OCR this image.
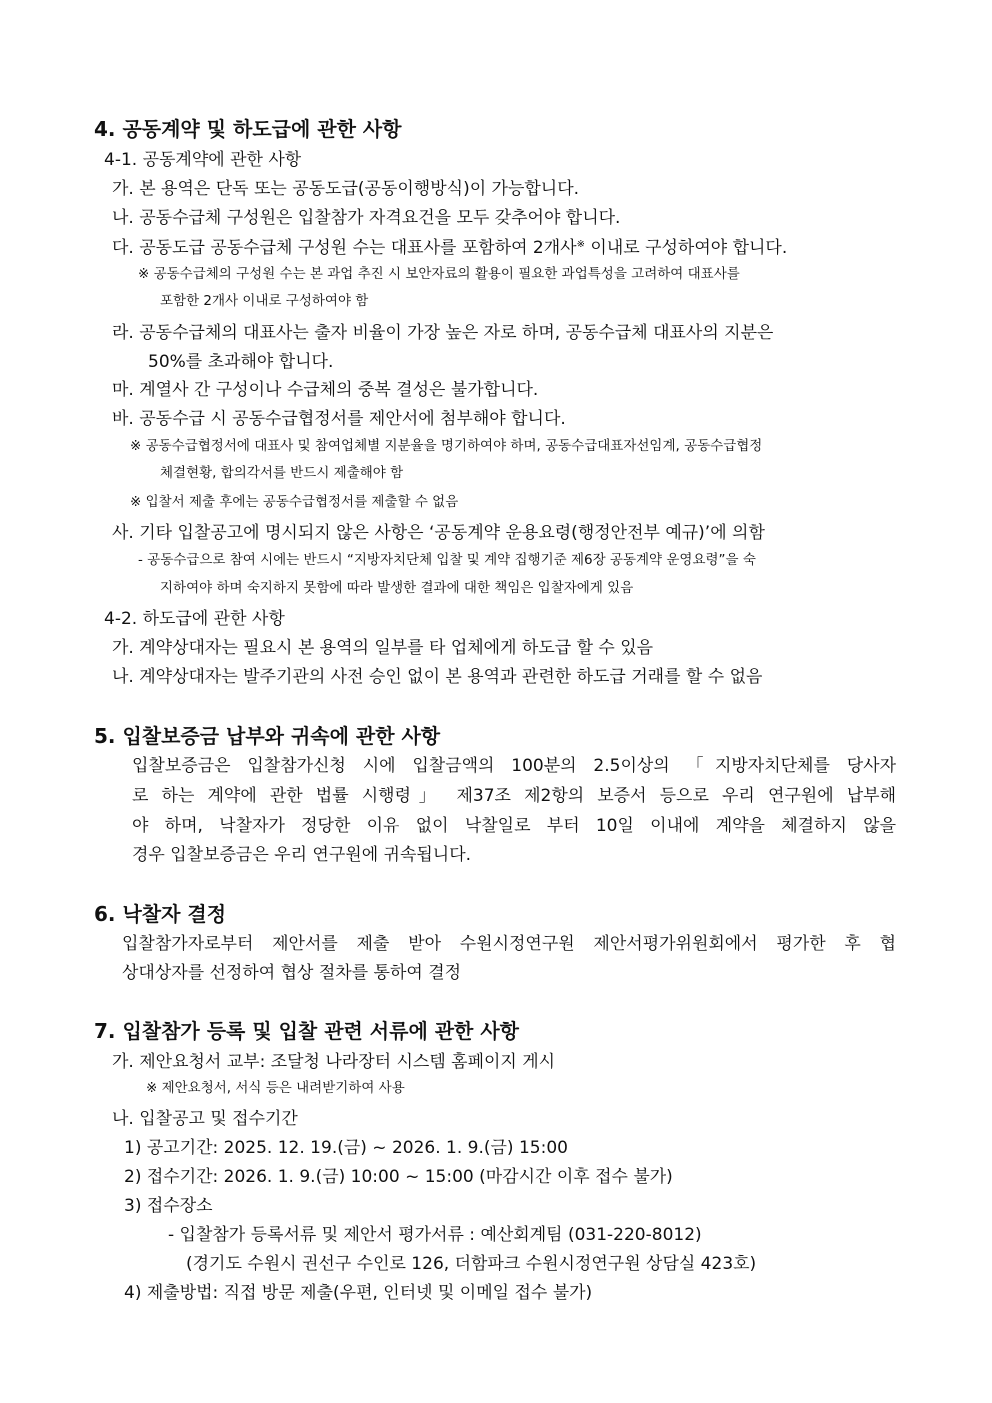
4. 공동계약 및 하도급에 관한 사항
4-1. 공동계약에 관한 사항
가. 본 용역은 단독 또는 공동도급(공동이행방식)이 가능합니다.
나. 공동수급체 구성원은 입찰참가 자격요건을 모두 갖추어야 합니다.
다. 공동도급 공동수급체 구성원 수는 대표사를 포함하여 2개사※ 이내로 구성하여야 합니다.
※ 공동수급체의 구성원 수는 본 과업 추진 시 보안자료의 활용이 필요한 과업특성을 고려하여 대표사를
포함한 2개사 이내로 구성하여야 함
라. 공동수급체의 대표사는 출자 비율이 가장 높은 자로 하며, 공동수급체 대표사의 지분은
50%를 초과해야 합니다.
마. 계열사 간 구성이나 수급체의 중복 결성은 불가합니다.
바. 공동수급 시 공동수급협정서를 제안서에 첨부해야 합니다.
※ 공동수급협정서에 대표사 및 참여업체별 지분율을 명기하여야 하며, 공동수급대표자선임계, 공동수급협정
체결현황, 합의각서를 반드시 제출해야 함
※ 입찰서 제출 후에는 공동수급협정서를 제출할 수 없음
사. 기타 입찰공고에 명시되지 않은 사항은 ‘공동계약 운용요령(행정안전부 예규)’에 의함
- 공동수급으로 참여 시에는 반드시 “지방자치단체 입찰 및 계약 집행기준 제6장 공동계약 운영요령”을 숙
지하여야 하며 숙지하지 못함에 따라 발생한 결과에 대한 책임은 입찰자에게 있음
4-2. 하도급에 관한 사항
가. 계약상대자는 필요시 본 용역의 일부를 타 업체에게 하도급 할 수 있음
나. 계약상대자는 발주기관의 사전 승인 없이 본 용역과 관련한 하도급 거래를 할 수 없음
5. 입찰보증금 납부와 귀속에 관한 사항
입찰보증금은 입찰참가신청 시에 입찰금액의 100분의 2.5이상의 「지방자치단체를 당사자
로 하는 계약에 관한 법률 시행령」 제37조 제2항의 보증서 등으로 우리 연구원에 납부해
야 하며, 낙찰자가 정당한 이유 없이 낙찰일로 부터 10일 이내에 계약을 체결하지 않을
경우 입찰보증금은 우리 연구원에 귀속됩니다.
6. 낙찰자 결정
입찰참가자로부터 제안서를 제출 받아 수원시정연구원 제안서평가위원회에서 평가한 후 협
상대상자를 선정하여 협상 절차를 통하여 결정
7. 입찰참가 등록 및 입찰 관련 서류에 관한 사항
가. 제안요청서 교부: 조달청 나라장터 시스템 홈페이지 게시
※ 제안요청서, 서식 등은 내려받기하여 사용
나. 입찰공고 및 접수기간
1) 공고기간: 2025. 12. 19.(금) ~ 2026. 1. 9.(금) 15:00
2) 접수기간: 2026. 1. 9.(금) 10:00 ~ 15:00 (마감시간 이후 접수 불가)
3) 접수장소
- 입찰참가 등록서류 및 제안서 평가서류 : 예산회계팀 (031-220-8012)
(경기도 수원시 권선구 수인로 126, 더함파크 수원시정연구원 상담실 423호)
4) 제출방법: 직접 방문 제출(우편, 인터넷 및 이메일 접수 불가)
